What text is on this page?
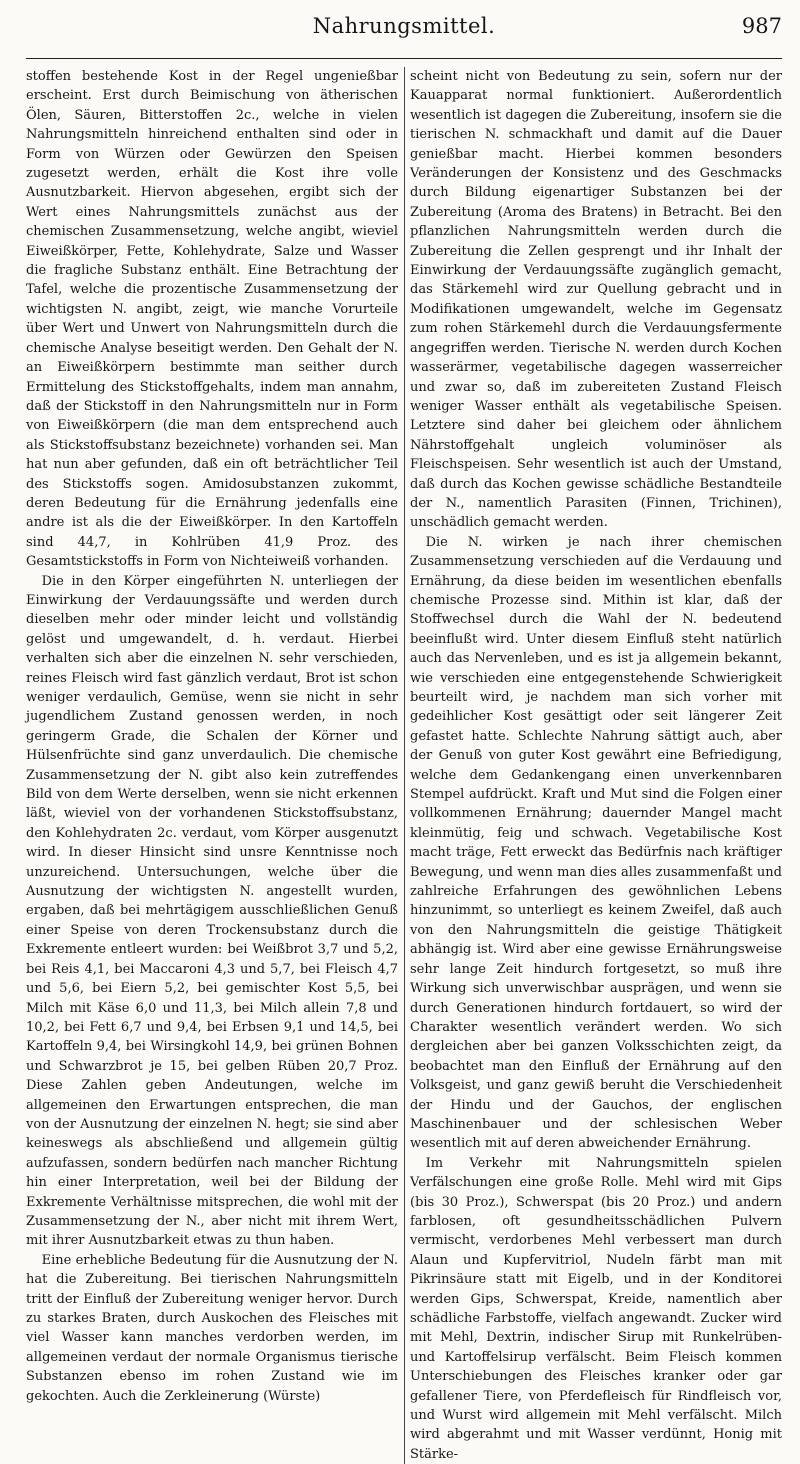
Nahrungsmittel.	987

stoffen bestehende Kost in der Regel ungenießbar erscheint. Erst durch Beimischung von ätherischen Ölen, Säuren, Bitterstoffen 2c., welche in vielen Nahrungsmitteln hinreichend enthalten sind oder in Form von Würzen oder Gewürzen den Speisen zugesetzt werden, erhält die Kost ihre volle Ausnutzbarkeit. Hiervon abgesehen, ergibt sich der Wert eines Nahrungsmittels zunächst aus der chemischen Zusammensetzung, welche angibt, wieviel Eiweißkörper, Fette, Kohlehydrate, Salze und Wasser die fragliche Substanz enthält. Eine Betrachtung der Tafel, welche die prozentische Zusammensetzung der wichtigsten N. angibt, zeigt, wie manche Vorurteile über Wert und Unwert von Nahrungsmitteln durch die chemische Analyse beseitigt werden. Den Gehalt der N. an Eiweißkörpern bestimmte man seither durch Ermittelung des Stickstoffgehalts, indem man annahm, daß der Stickstoff in den Nahrungsmitteln nur in Form von Eiweißkörpern (die man dem entsprechend auch als Stickstoffsubstanz bezeichnete) vorhanden sei. Man hat nun aber gefunden, daß ein oft beträchtlicher Teil des Stickstoffs sogen. Amidosubstanzen zukommt, deren Bedeutung für die Ernährung jedenfalls eine andre ist als die der Eiweißkörper. In den Kartoffeln sind 44,7, in Kohlrüben 41,9 Proz. des Gesamtstickstoffs in Form von Nichteiweiß vorhanden.

Die in den Körper eingeführten N. unterliegen der Einwirkung der Verdauungssäfte und werden durch dieselben mehr oder minder leicht und vollständig gelöst und umgewandelt, d. h. verdaut. Hierbei verhalten sich aber die einzelnen N. sehr verschieden, reines Fleisch wird fast gänzlich verdaut, Brot ist schon weniger verdaulich, Gemüse, wenn sie nicht in sehr jugendlichem Zustand genossen werden, in noch geringerm Grade, die Schalen der Körner und Hülsenfrüchte sind ganz unverdaulich. Die chemische Zusammensetzung der N. gibt also kein zutreffendes Bild von dem Werte derselben, wenn sie nicht erkennen läßt, wieviel von der vorhandenen Stickstoffsubstanz, den Kohlehydraten 2c. verdaut, vom Körper ausgenutzt wird. In dieser Hinsicht sind unsre Kenntnisse noch unzureichend. Untersuchungen, welche über die Ausnutzung der wichtigsten N. angestellt wurden, ergaben, daß bei mehrtägigem ausschließlichen Genuß einer Speise von deren Trockensubstanz durch die Exkremente entleert wurden: bei Weißbrot 3,7 und 5,2, bei Reis 4,1, bei Maccaroni 4,3 und 5,7, bei Fleisch 4,7 und 5,6, bei Eiern 5,2, bei gemischter Kost 5,5, bei Milch mit Käse 6,0 und 11,3, bei Milch allein 7,8 und 10,2, bei Fett 6,7 und 9,4, bei Erbsen 9,1 und 14,5, bei Kartoffeln 9,4, bei Wirsingkohl 14,9, bei grünen Bohnen und Schwarzbrot je 15, bei gelben Rüben 20,7 Proz. Diese Zahlen geben Andeutungen, welche im allgemeinen den Erwartungen entsprechen, die man von der Ausnutzung der einzelnen N. hegt; sie sind aber keineswegs als abschließend und allgemein gültig aufzufassen, sondern bedürfen nach mancher Richtung hin einer Interpretation, weil bei der Bildung der Exkremente Verhältnisse mitsprechen, die wohl mit der Zusammensetzung der N., aber nicht mit ihrem Wert, mit ihrer Ausnutzbarkeit etwas zu thun haben.

Eine erhebliche Bedeutung für die Ausnutzung der N. hat die Zubereitung. Bei tierischen Nahrungsmitteln tritt der Einfluß der Zubereitung weniger hervor. Durch zu starkes Braten, durch Auskochen des Fleisches mit viel Wasser kann manches verdorben werden, im allgemeinen verdaut der normale Organismus tierische Substanzen ebenso im rohen Zustand wie im gekochten. Auch die Zerkleinerung (Würste)

scheint nicht von Bedeutung zu sein, sofern nur der Kauapparat normal funktioniert. Außerordentlich wesentlich ist dagegen die Zubereitung, insofern sie die tierischen N. schmackhaft und damit auf die Dauer genießbar macht. Hierbei kommen besonders Veränderungen der Konsistenz und des Geschmacks durch Bildung eigenartiger Substanzen bei der Zubereitung (Aroma des Bratens) in Betracht. Bei den pflanzlichen Nahrungsmitteln werden durch die Zubereitung die Zellen gesprengt und ihr Inhalt der Einwirkung der Verdauungssäfte zugänglich gemacht, das Stärkemehl wird zur Quellung gebracht und in Modifikationen umgewandelt, welche im Gegensatz zum rohen Stärkemehl durch die Verdauungsfermente angegriffen werden. Tierische N. werden durch Kochen wasserärmer, vegetabilische dagegen wasserreicher und zwar so, daß im zubereiteten Zustand Fleisch weniger Wasser enthält als vegetabilische Speisen. Letztere sind daher bei gleichem oder ähnlichem Nährstoffgehalt ungleich voluminöser als Fleischspeisen. Sehr wesentlich ist auch der Umstand, daß durch das Kochen gewisse schädliche Bestandteile der N., namentlich Parasiten (Finnen, Trichinen), unschädlich gemacht werden.

Die N. wirken je nach ihrer chemischen Zusammensetzung verschieden auf die Verdauung und Ernährung, da diese beiden im wesentlichen ebenfalls chemische Prozesse sind. Mithin ist klar, daß der Stoffwechsel durch die Wahl der N. bedeutend beeinflußt wird. Unter diesem Einfluß steht natürlich auch das Nervenleben, und es ist ja allgemein bekannt, wie verschieden eine entgegenstehende Schwierigkeit beurteilt wird, je nachdem man sich vorher mit gedeihlicher Kost gesättigt oder seit längerer Zeit gefastet hatte. Schlechte Nahrung sättigt auch, aber der Genuß von guter Kost gewährt eine Befriedigung, welche dem Gedankengang einen unverkennbaren Stempel aufdrückt. Kraft und Mut sind die Folgen einer vollkommenen Ernährung; dauernder Mangel macht kleinmütig, feig und schwach. Vegetabilische Kost macht träge, Fett erweckt das Bedürfnis nach kräftiger Bewegung, und wenn man dies alles zusammenfaßt und zahlreiche Erfahrungen des gewöhnlichen Lebens hinzunimmt, so unterliegt es keinem Zweifel, daß auch von den Nahrungsmitteln die geistige Thätigkeit abhängig ist. Wird aber eine gewisse Ernährungsweise sehr lange Zeit hindurch fortgesetzt, so muß ihre Wirkung sich unverwischbar ausprägen, und wenn sie durch Generationen hindurch fortdauert, so wird der Charakter wesentlich verändert werden. Wo sich dergleichen aber bei ganzen Volksschichten zeigt, da beobachtet man den Einfluß der Ernährung auf den Volksgeist, und ganz gewiß beruht die Verschiedenheit der Hindu und der Gauchos, der englischen Maschinenbauer und der schlesischen Weber wesentlich mit auf deren abweichender Ernährung.

Im Verkehr mit Nahrungsmitteln spielen Verfälschungen eine große Rolle. Mehl wird mit Gips (bis 30 Proz.), Schwerspat (bis 20 Proz.) und andern farblosen, oft gesundheitsschädlichen Pulvern vermischt, verdorbenes Mehl verbessert man durch Alaun und Kupfervitriol, Nudeln färbt man mit Pikrinsäure statt mit Eigelb, und in der Konditorei werden Gips, Schwerspat, Kreide, namentlich aber schädliche Farbstoffe, vielfach angewandt. Zucker wird mit Mehl, Dextrin, indischer Sirup mit Runkelrüben- und Kartoffelsirup verfälscht. Beim Fleisch kommen Unterschiebungen des Fleisches kranker oder gar gefallener Tiere, von Pferdefleisch für Rindfleisch vor, und Wurst wird allgemein mit Mehl verfälscht. Milch wird abgerahmt und mit Wasser verdünnt, Honig mit Stärke-
